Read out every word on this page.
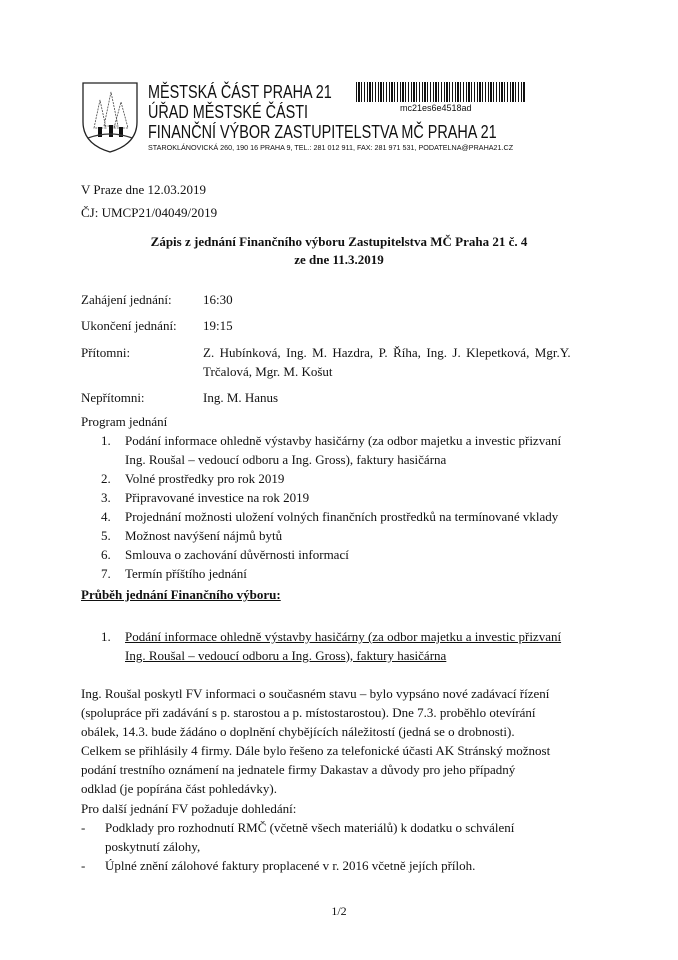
MĚSTSKÁ ČÁST PRAHA 21
ÚŘAD MĚSTSKÉ ČÁSTI
FINANČNÍ VÝBOR ZASTUPITELSTVA MČ PRAHA 21
STAROKLÁNOVICKÁ 260, 190 16 PRAHA 9, TEL.: 281 012 911, FAX: 281 971 531, PODATELNA@PRAHA21.CZ
mc21es6e4518ad
V Praze dne 12.03.2019
ČJ: UMCP21/04049/2019
Zápis z jednání Finančního výboru Zastupitelstva MČ Praha 21 č. 4
ze dne 11.3.2019
Zahájení jednání: 16:30
Ukončení jednání: 19:15
Přítomni:	Z. Hubínková, Ing. M. Hazdra, P. Říha, Ing. J. Klepetková, Mgr.Y.
Trčalová, Mgr. M. Košut
Nepřítomni:	Ing. M. Hanus
Program jednání
1. Podání informace ohledně výstavby hasičárny (za odbor majetku a investic přizvaní
Ing. Roušal – vedoucí odboru a Ing. Gross), faktury hasičárna
2. Volné prostředky pro rok 2019
3. Připravované investice na rok 2019
4. Projednání možnosti uložení volných finančních prostředků na termínované vklady
5. Možnost navýšení nájmů bytů
6. Smlouva o zachování důvěrnosti informací
7. Termín příštího jednání
Průběh jednání Finančního výboru:
1. Podání informace ohledně výstavby hasičárny (za odbor majetku a investic přizvaní
Ing. Roušal – vedoucí odboru a Ing. Gross), faktury hasičárna
Ing. Roušal poskytl FV informaci o současném stavu – bylo vypsáno nové zadávací řízení
(spolupráce při zadávání s p. starostou a p. místostarostou). Dne 7.3. proběhlo otevírání
obálek, 14.3. bude žádáno o doplnění chybějících náležitostí (jedná se o drobnosti).
Celkem se přihlásily 4 firmy. Dále bylo řešeno za telefonické účasti AK Stránský možnost
podání trestního oznámení na jednatele firmy Dakastav a důvody pro jeho případný
odklad (je popírána část pohledávky).
Pro další jednání FV požaduje dohledání:
- Podklady pro rozhodnutí RMČ (včetně všech materiálů) k dodatku o schválení
poskytnutí zálohy,
- Úplné znění zálohové faktury proplacené v r. 2016 včetně jejích příloh.
1/2
